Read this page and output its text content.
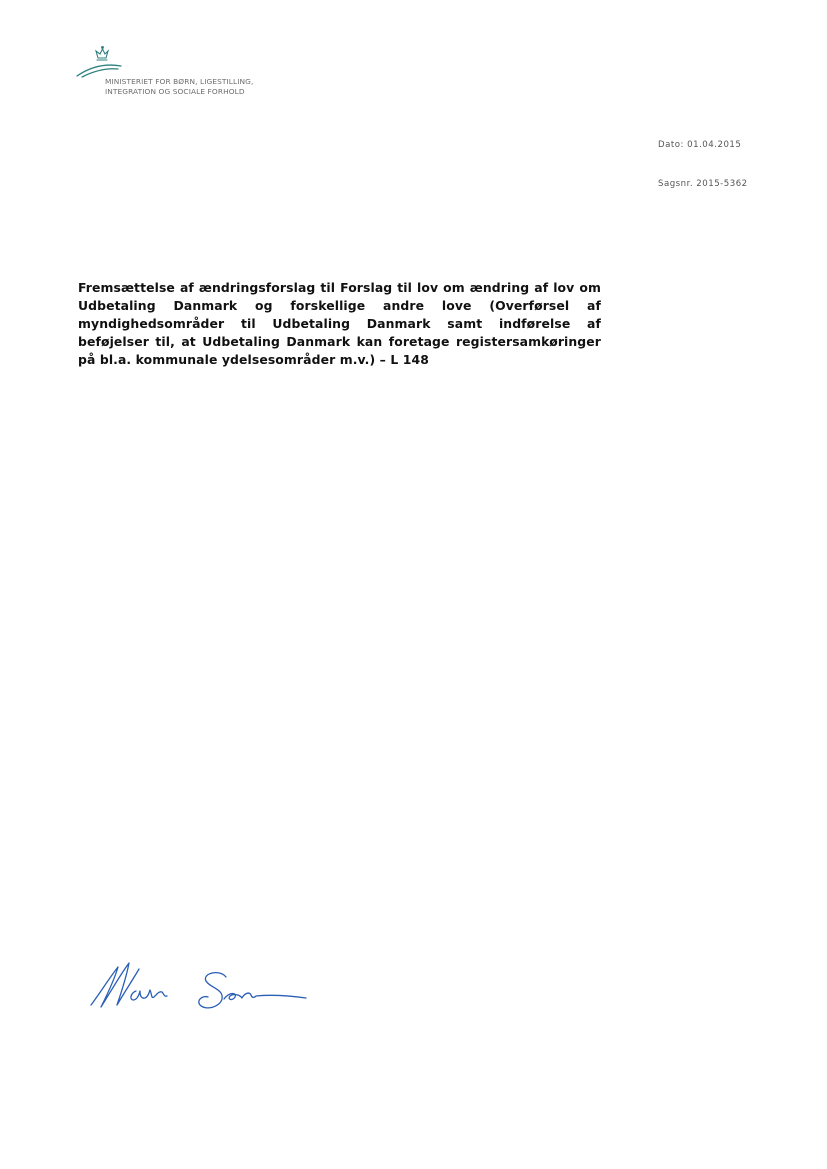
MINISTERIET FOR BØRN, LIGESTILLING,
INTEGRATION OG SOCIALE FORHOLD
Dato: 01.04.2015
Sagsnr. 2015-5362
Fremsættelse af ændringsforslag til Forslag til lov om ændring af lov om Udbetaling Danmark og forskellige andre love (Overførsel af myndighedsområder til Udbetaling Danmark samt indførelse af beføjelser til, at Udbetaling Danmark kan foretage registersamkøringer på bl.a. kommunale ydelsesområder m.v.) – L 148
